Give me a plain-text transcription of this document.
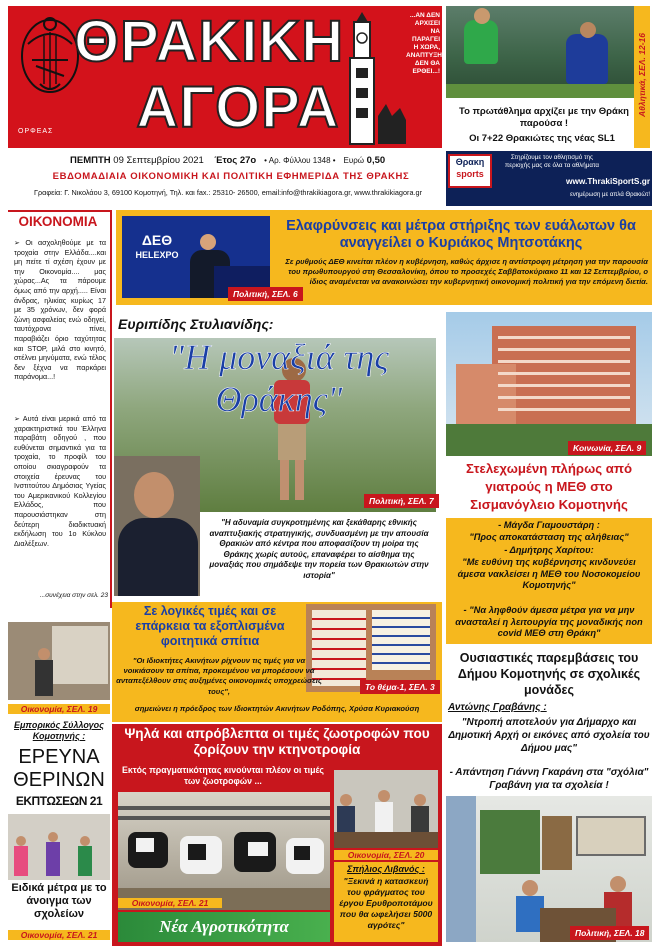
ΟΡΦΕΑΣ
ΘΡΑΚΙΚΗ
ΑΓΟΡΑ
...ΑΝ ΔΕΝ ΑΡΧΙΣΕΙ ΝΑ ΠΑΡΑΓΕΙ Η ΧΩΡΑ, ΑΝΑΠΤΥΞΗ ΔΕΝ ΘΑ ΕΡΘΕΙ...!
ΠΕΜΠΤΗ 09 Σεπτεμβρίου 2021 Έτος 27ο • Αρ. Φύλλου 1348 • Ευρώ 0,50
ΕΒΔΟΜΑΔΙΑΙΑ ΟΙΚΟΝΟΜΙΚΗ ΚΑΙ ΠΟΛΙΤΙΚΗ ΕΦΗΜΕΡΙΔΑ ΤΗΣ ΘΡΑΚΗΣ
Γραφεία: Γ. Νικολάου 3, 69100 Κομοτηνή, Τηλ. και fax.: 25310- 26500, email:info@thrakikiagora.gr, www.thrakikiagora.gr
Αθλητικά, ΣΕΛ. 12-16
Το πρωτάθλημα αρχίζει με την Θράκη παρούσα !
Οι 7+22 Θρακιώτες της νέας SL1
Θρακη
sports
Στηρίζουμε τον αθλητισμό της περιοχής μας σε όλα τα αθλήματα
www.ThrakiSportS.gr
ενημέρωση με απλά Θρακιώτ!
ΟΙΚΟΝΟΜΙΑ
➢ Οι ασχοληθούμε με τα τροχαία στην Ελλάδα....και μη πείτε τί σχέση έχουν με την Οικονομία.... μας χώρας...Ας τα πάρουμε όμως από την αρχή..... Είναι άνδρας, ηλικίας κυρίως 17 με 35 χρόνων, δεν φορά ζώνη ασφαλείας ενώ οδηγεί, ταυτόχρονα πίνει, παραβιάζει όριο ταχύτητας και STOP, μιλά στο κινητό, στέλνει μηνύματα, ενώ τέλος δεν ξέχνα να παρκάρει παράνομα...!
➢ Αυτά είναι μερικά από τα χαρακτηριστικά του Έλληνα παραβάτη οδηγού , που ευθύνεται σημαντικά για τα τροχαία, το προφίλ του οποίου σκιαγραφούν τα στοιχεία έρευνας του Ινστιτούτου Δημόσιας Υγείας του Αμερικανικού Κολλεγίου Ελλάδος, που παρουσιάστηκαν στη δεύτερη διαδικτυακή εκδήλωση του 1ο Κύκλου Διαλέξεων.
...συνέχεια στην σελ. 23
ΔΕΘ
HELEXPO
Πολιτική, ΣΕΛ. 6
Ελαφρύνσεις και μέτρα στήριξης των ευάλωτων θα αναγγείλει ο Κυριάκος Μητσοτάκης
Σε ρυθμούς ΔΕΘ κινείται πλέον η κυβέρνηση, καθώς άρχισε η αντίστροφη μέτρηση για την παρουσία του πρωθυπουργού στη Θεσσαλονίκη, όπου το προσεχές Σαββατοκύριακο 11 και 12 Σεπτεμβρίου, ο ίδιος αναμένεται να ανακοινώσει την κυβερνητική οικονομική πολιτική για την επόμενη διετία.
Ευριπίδης Στυλιανίδης:
"Η μοναξιά της Θράκης"
Πολιτική, ΣΕΛ. 7
"Η αδυναμία συγκροτημένης και ξεκάθαρης εθνικής αναπτυξιακής στρατηγικής, συνδυασμένη με την απουσία Θρακιών από κέντρα που αποφασίζουν τη μοίρα της Θράκης χωρίς αυτούς, επαναφέρει το αίσθημα της μοναξιάς που σημάδεψε την πορεία των Θρακιωτών στην ιστορία"
Κοινωνία, ΣΕΛ. 9
Στελεχωμένη πλήρως από γιατρούς η ΜΕΘ στο Σισμανόγλειο Κομοτηνής
- Μάγδα Γιαμουστάρη :
"Προς αποκατάσταση της αλήθειας"
- Δημήτρης Χαρίτου:
"Με ευθύνη της κυβέρνησης κινδυνεύει άμεσα νακλείσει η ΜΕΘ του Νοσοκομείου Κομοτηνής"
- "Να ληφθούν άμεσα μέτρα για να μην ανασταλεί η λειτουργία της μοναδικής non covid ΜΕΘ στη Θράκη"
Σε λογικές τιμές και σε επάρκεια τα εξοπλισμένα φοιτητικά σπίτια
Το θέμα-1, ΣΕΛ. 3
"Οι Ιδιοκτήτες Ακινήτων ρίχνουν τις τιμές για να νοικιάσουν τα σπίτια, προκειμένου να μπορέσουν να ανταπεξέλθουν στις αυξημένες οικονομικές υποχρεώσεις τους",
σημειώνει η πρόεδρος των Ιδιοκτητών Ακινήτων Ροδόπης, Χρύσα Κυριακούση
Οικονομία, ΣΕΛ. 19
Εμπορικός Σύλλογος Κομοτηνής :
ΕΡΕΥΝΑ
ΘΕΡΙΝΩΝ
ΕΚΠΤΩΣΕΩΝ 21
Ειδικά μέτρα με το άνοιγμα των σχολείων
Οικονομία, ΣΕΛ. 21
Ψηλά και απρόβλεπτα οι τιμές ζωοτροφών που ζορίζουν την κτηνοτροφία
Εκτός πραγματικότητας κινούνται πλέον οι τιμές των ζωοτροφών ...
Οικονομία, ΣΕΛ. 21
Νέα Αγροτικότητα
Οικονομία, ΣΕΛ. 20
Σπήλιος Λιβανός :
"Ξεκινά η κατασκευή του φράγματος του έργου Ερυθροποτάμου που θα ωφελήσει 5000 αγρότες"
Ουσιαστικές παρεμβάσεις του Δήμου Κομοτηνής σε σχολικές μονάδες
Αντώνης Γραβάνης :
"Ντροπή αποτελούν για Δήμαρχο και Δημοτική Αρχή οι εικόνες από σχολεία του Δήμου μας"
- Απάντηση Γιάννη Γκαράνη στα "σχόλια" Γραβάνη για τα σχολεία !
Πολιτική, ΣΕΛ. 18
